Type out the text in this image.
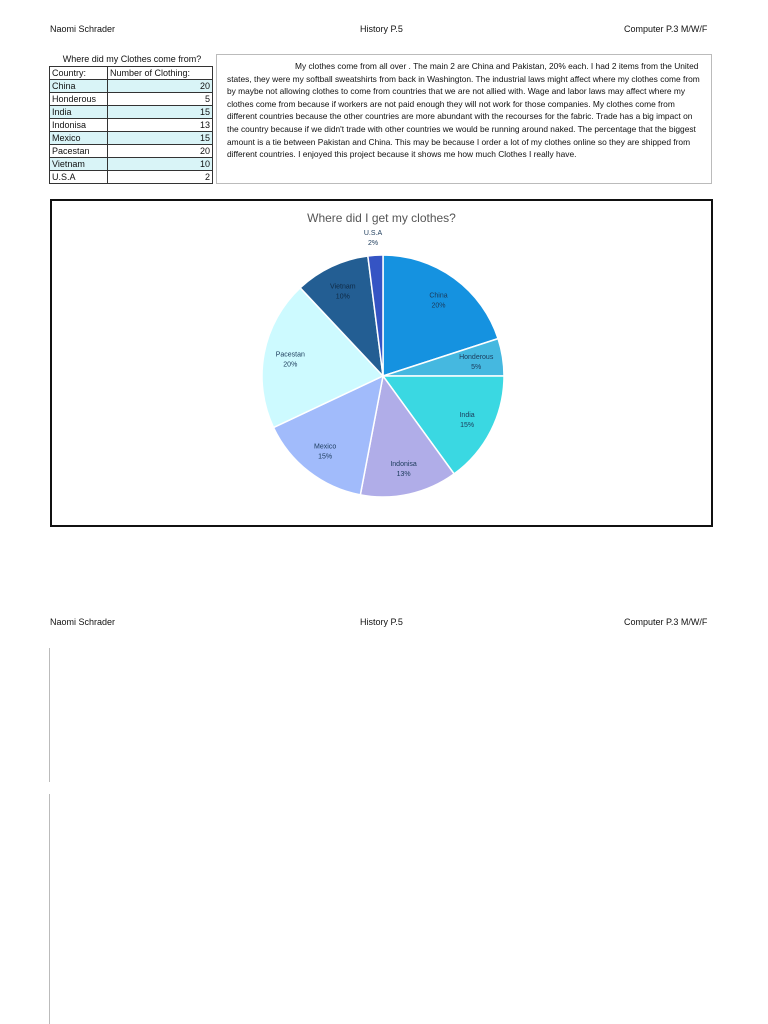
Naomi Schrader	History P.5	Computer P.3 M/W/F
Where did my Clothes come from?
Country:	Number of Clothing:
China	20
Honderous	5
India	15
Indonisa	13
Mexico	15
Pacestan	20
Vietnam	10
U.S.A	2
My clothes come from all over . The main 2 are China and Pakistan, 20% each. I had 2 items from the United states, they were my softball sweatshirts from back in Washington. The industrial laws might affect where my clothes come from by maybe not allowing clothes to come from countries that we are not allied with. Wage and labor laws may affect where my clothes come from because if workers are not paid enough they will not work for those companies. My clothes come from different countries because the other countries are more abundant with the recourses for the fabric. Trade has a big impact on the country because if we didn't trade with other countries we would be running around naked. The percentage that the biggest amount is a tie between Pakistan and China. This may be because I order a lot of my clothes online so they are shipped from different countries. I enjoyed this project because it shows me how much Clothes I really have.
Where did I get my clothes?
China
20%
Honderous
5%
India
15%
Indonisa
13%
Mexico
15%
Pacestan
20%
Vietnam
10%
U.S.A
2%
Naomi Schrader	History P.5	Computer P.3 M/W/F
